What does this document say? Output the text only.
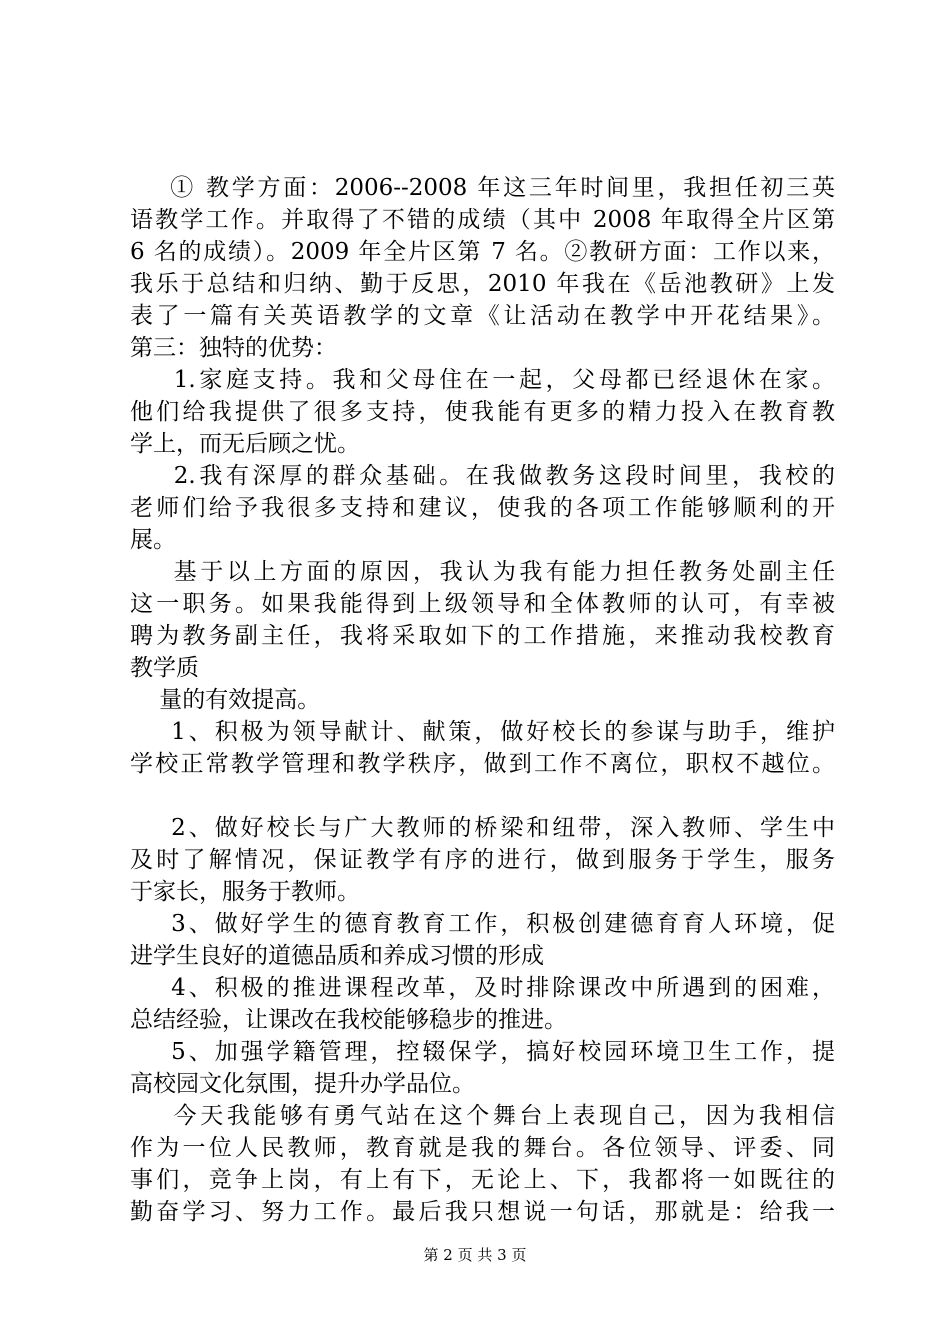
① 教学方面：2006--2008 年这三年时间里，我担任初三英
语教学工作。并取得了不错的成绩（其中 2008 年取得全片区第
6 名的成绩）。2009 年全片区第 7 名。②教研方面：工作以来，
我乐于总结和归纳、勤于反思，2010 年我在《岳池教研》上发
表了一篇有关英语教学的文章《让活动在教学中开花结果》。
第三：独特的优势：
1.家庭支持。我和父母住在一起，父母都已经退休在家。
他们给我提供了很多支持，使我能有更多的精力投入在教育教
学上，而无后顾之忧。
2.我有深厚的群众基础。在我做教务这段时间里，我校的
老师们给予我很多支持和建议，使我的各项工作能够顺利的开
展。
基于以上方面的原因，我认为我有能力担任教务处副主任
这一职务。如果我能得到上级领导和全体教师的认可，有幸被
聘为教务副主任，我将采取如下的工作措施，来推动我校教育
教学质
量的有效提高。
1、积极为领导献计、献策，做好校长的参谋与助手，维护
学校正常教学管理和教学秩序，做到工作不离位，职权不越位。
2、做好校长与广大教师的桥梁和纽带，深入教师、学生中
及时了解情况，保证教学有序的进行，做到服务于学生，服务
于家长，服务于教师。
3、做好学生的德育教育工作，积极创建德育育人环境，促
进学生良好的道德品质和养成习惯的形成
4、积极的推进课程改革，及时排除课改中所遇到的困难，
总结经验，让课改在我校能够稳步的推进。
5、加强学籍管理，控辍保学，搞好校园环境卫生工作，提
高校园文化氛围，提升办学品位。
今天我能够有勇气站在这个舞台上表现自己，因为我相信
作为一位人民教师，教育就是我的舞台。各位领导、评委、同
事们，竞争上岗，有上有下，无论上、下，我都将一如既往的
勤奋学习、努力工作。最后我只想说一句话，那就是：给我一
第 2 页 共 3 页
